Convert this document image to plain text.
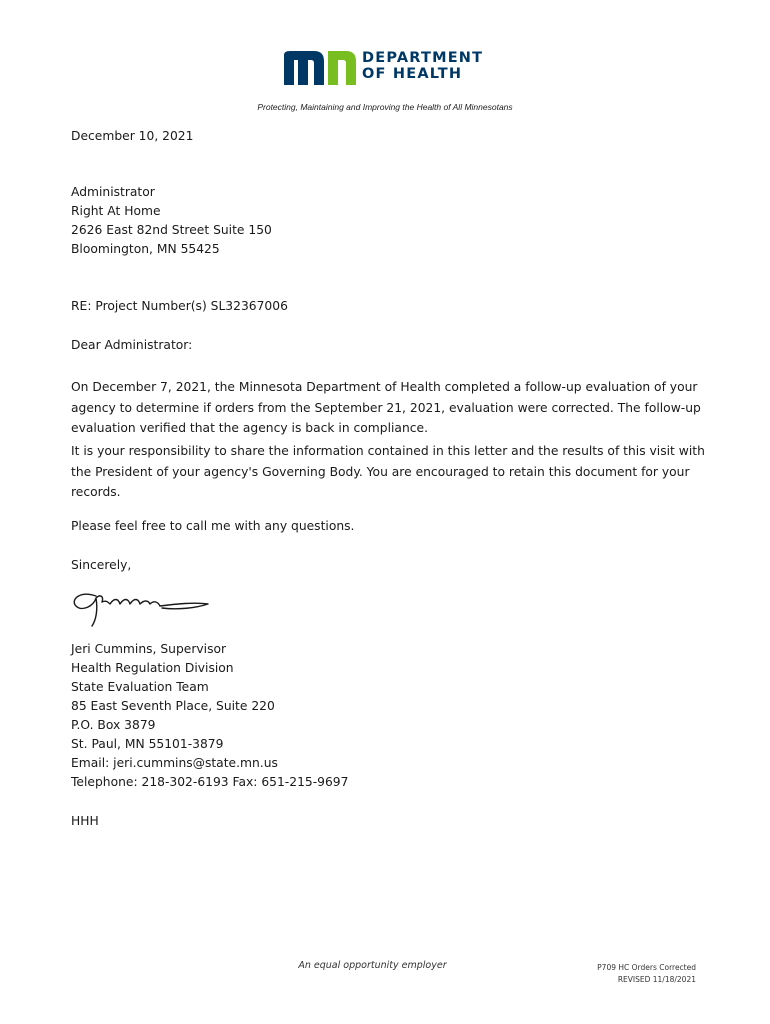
DEPARTMENT
OF HEALTH
Protecting, Maintaining and Improving the Health of All Minnesotans
December 10, 2021
Administrator
Right At Home
2626 East 82nd Street Suite 150
Bloomington, MN 55425
RE: Project Number(s) SL32367006
Dear Administrator:

On December 7, 2021, the Minnesota Department of Health completed a follow-up evaluation of your agency to determine if orders from the September 21, 2021, evaluation were corrected. The follow-up evaluation verified that the agency is back in compliance.

It is your responsibility to share the information contained in this letter and the results of this visit with the President of your agency's Governing Body. You are encouraged to retain this document for your records.

Please feel free to call me with any questions.

Sincerely,
Jeri Cummins, Supervisor
Health Regulation Division
State Evaluation Team
85 East Seventh Place, Suite 220
P.O. Box 3879
St. Paul, MN 55101-3879
Email: jeri.cummins@state.mn.us
Telephone: 218-302-6193 Fax: 651-215-9697
HHH
An equal opportunity employer	P709 HC Orders Corrected
REVISED 11/18/2021
